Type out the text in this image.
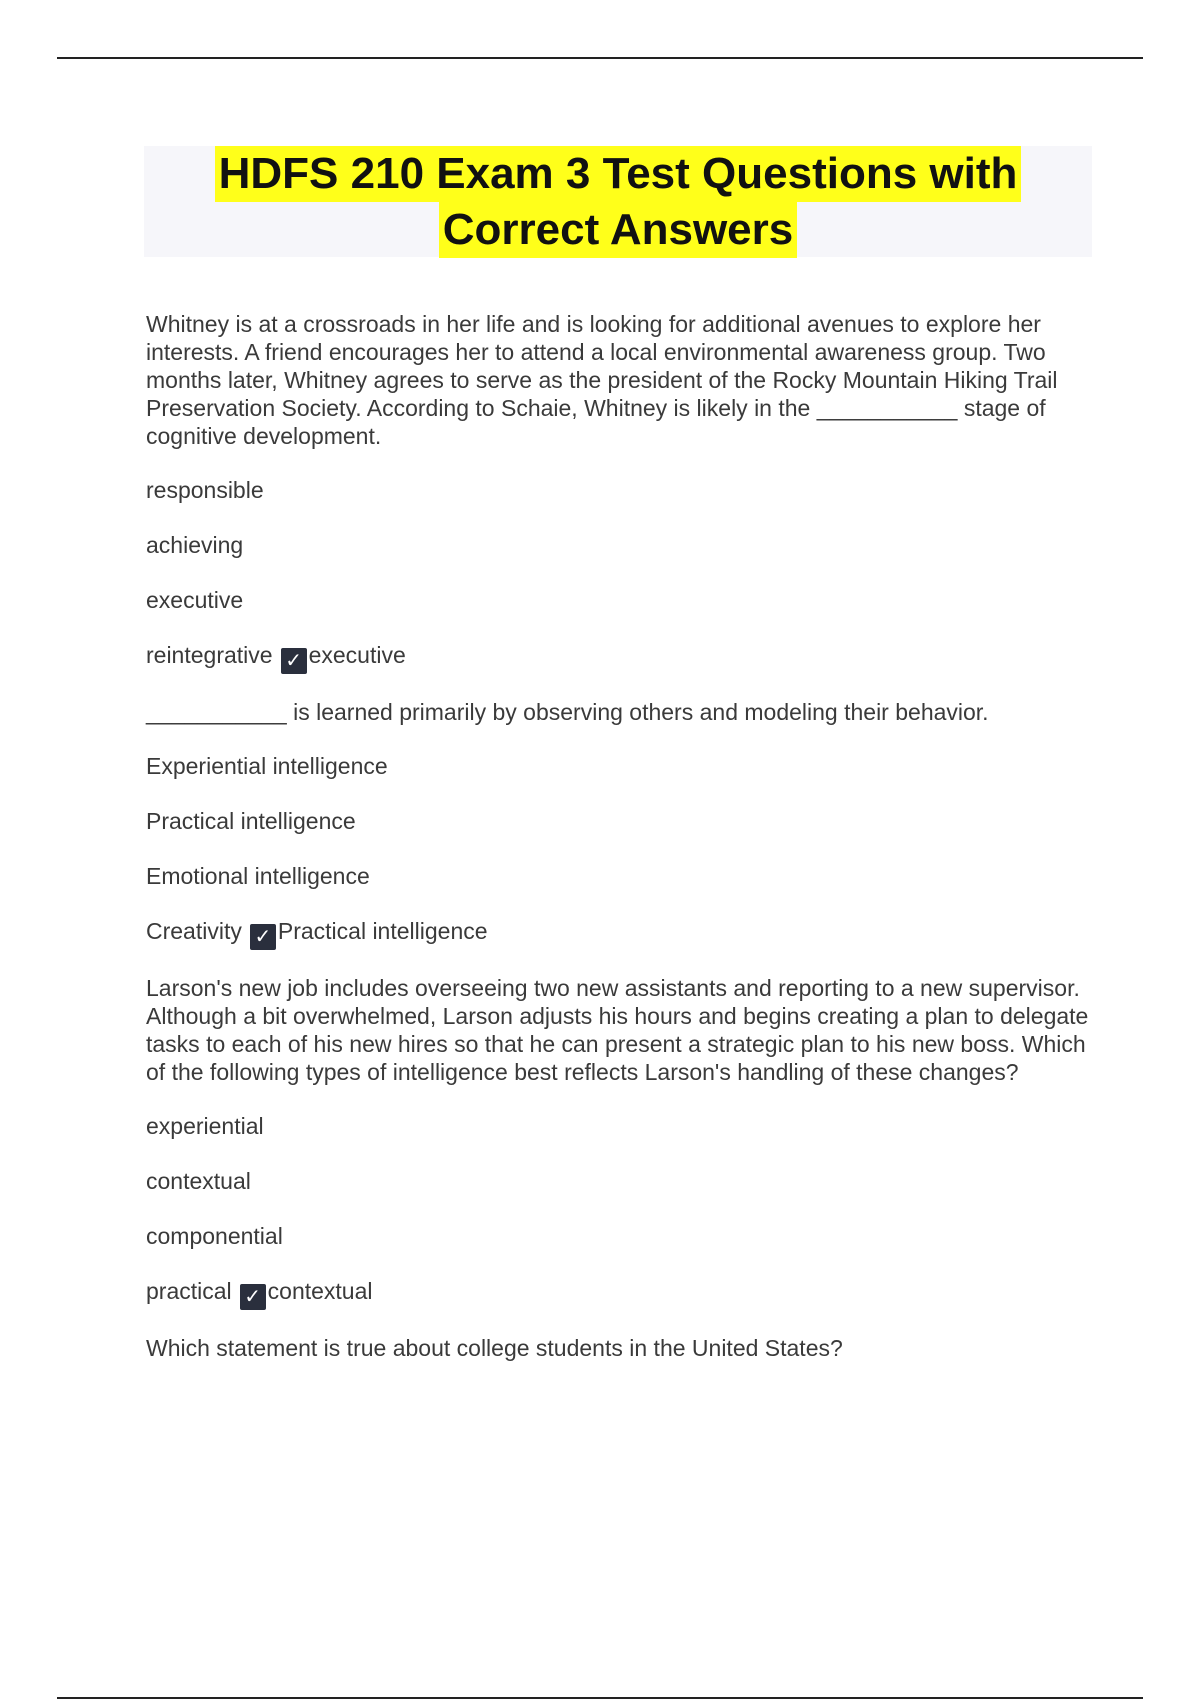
HDFS 210 Exam 3 Test Questions with
Correct Answers
Whitney is at a crossroads in her life and is looking for additional avenues to explore her interests. A friend encourages her to attend a local environmental awareness group. Two months later, Whitney agrees to serve as the president of the Rocky Mountain Hiking Trail Preservation Society. According to Schaie, Whitney is likely in the ___________ stage of cognitive development.
responsible
achieving
executive
reintegrative ✓ executive
___________ is learned primarily by observing others and modeling their behavior.
Experiential intelligence
Practical intelligence
Emotional intelligence
Creativity ✓ Practical intelligence
Larson's new job includes overseeing two new assistants and reporting to a new supervisor. Although a bit overwhelmed, Larson adjusts his hours and begins creating a plan to delegate tasks to each of his new hires so that he can present a strategic plan to his new boss. Which of the following types of intelligence best reflects Larson's handling of these changes?
experiential
contextual
componential
practical ✓ contextual
Which statement is true about college students in the United States?
